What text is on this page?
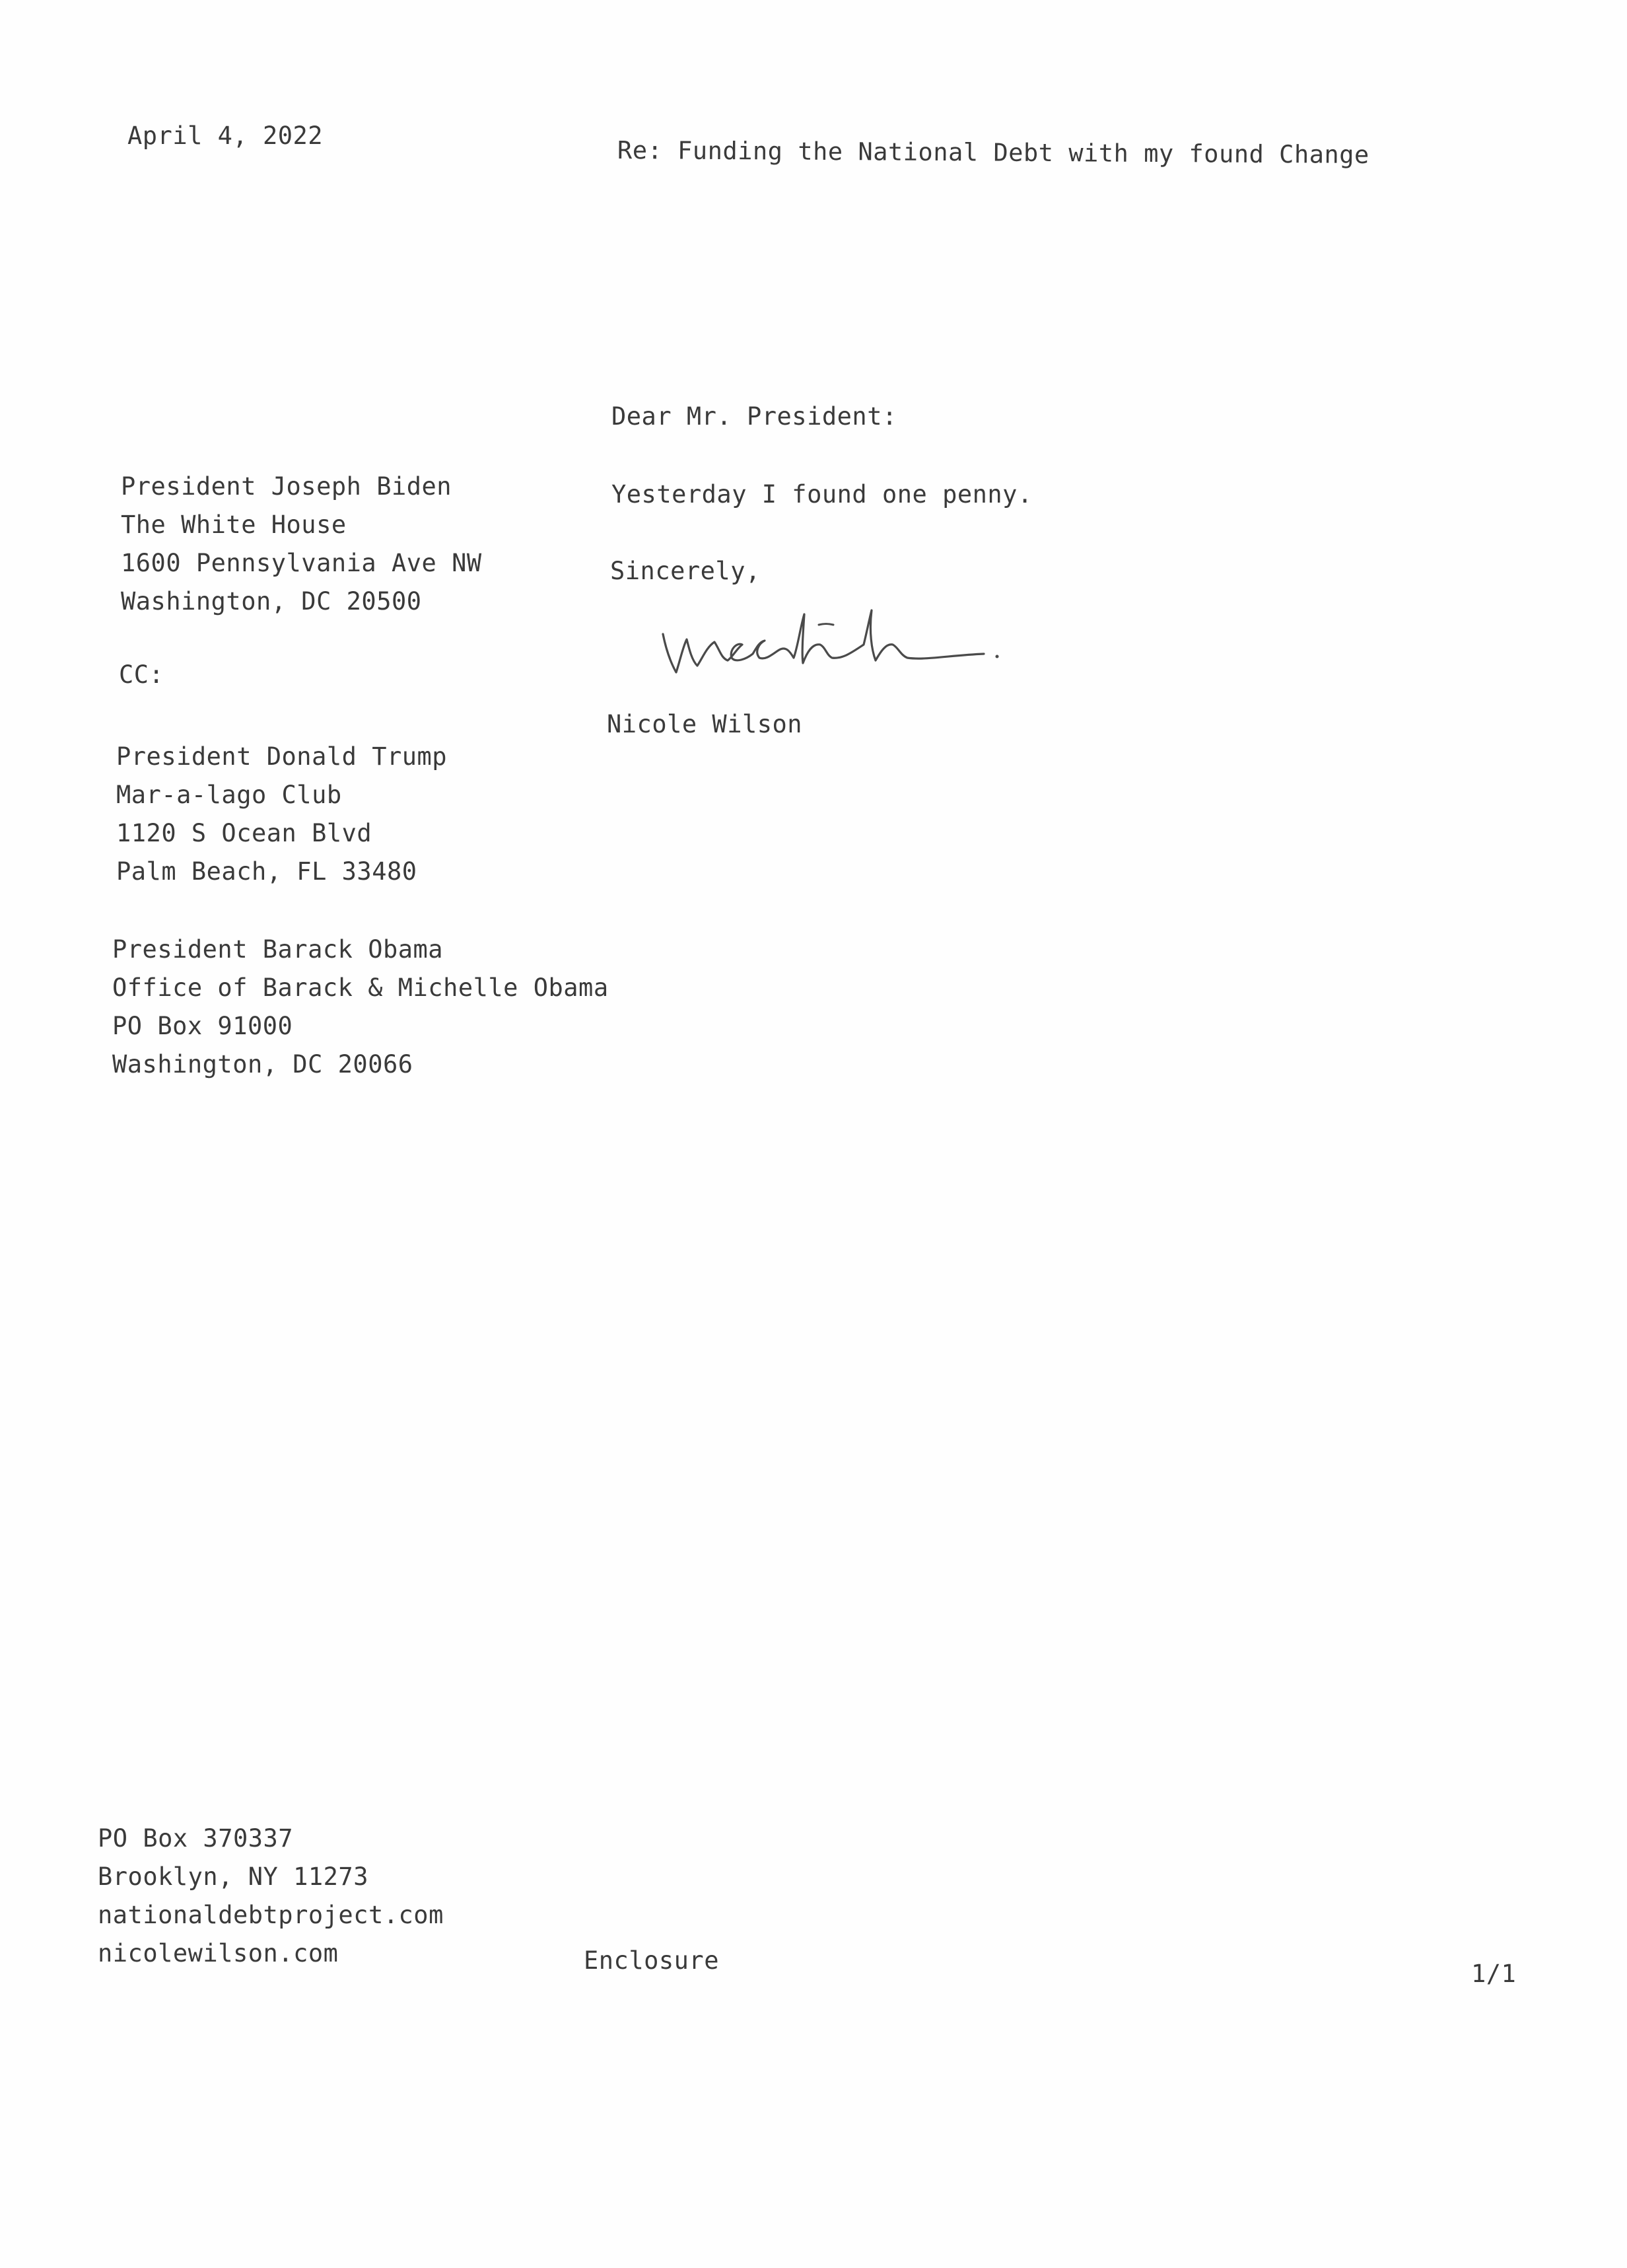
April 4, 2022
Re: Funding the National Debt with my found Change
Dear Mr. President:
Yesterday I found one penny.
Sincerely,
Nicole Wilson
President Joseph Biden
The White House
1600 Pennsylvania Ave NW
Washington, DC 20500
CC:
President Donald Trump
Mar-a-lago Club
1120 S Ocean Blvd
Palm Beach, FL 33480
President Barack Obama
Office of Barack & Michelle Obama
PO Box 91000
Washington, DC 20066
PO Box 370337
Brooklyn, NY 11273
nationaldebtproject.com
nicolewilson.com	Enclosure	1/1
